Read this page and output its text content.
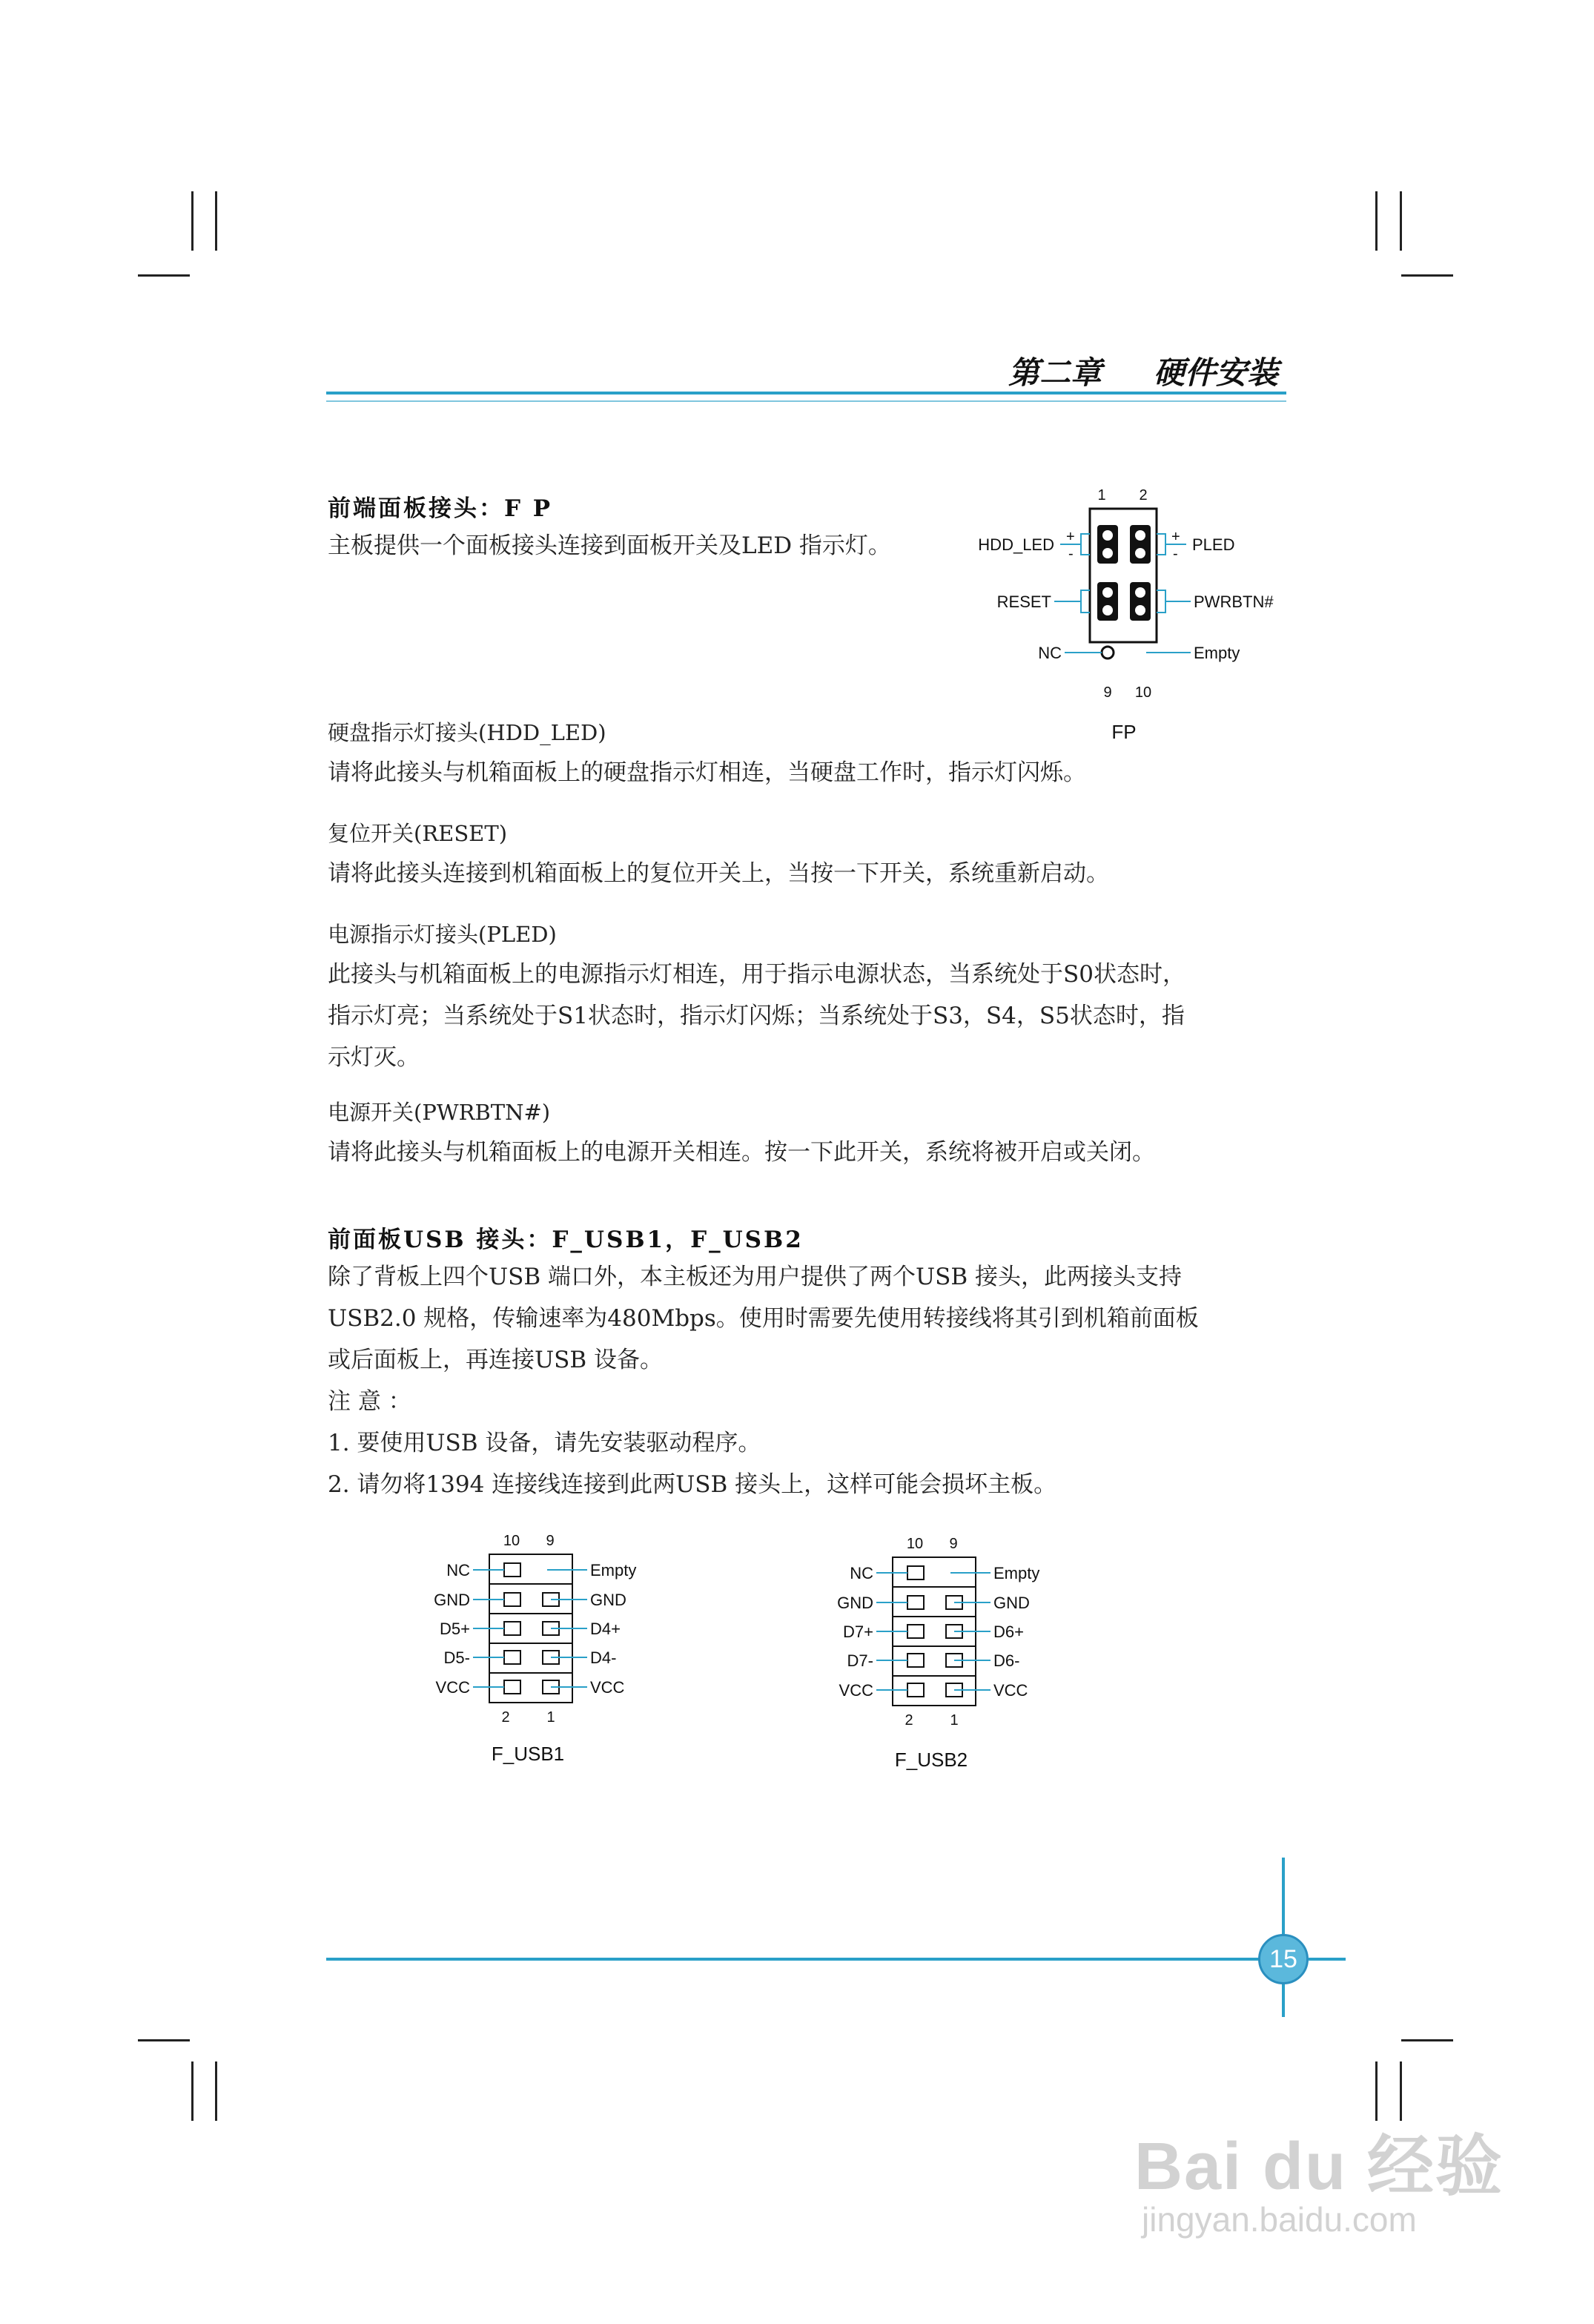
第二章 硬件安装
前端面板接头：F P
主板提供一个面板接头连接到面板开关及LED 指示灯。
硬盘指示灯接头(HDD_LED)
请将此接头与机箱面板上的硬盘指示灯相连，当硬盘工作时，指示灯闪烁。
复位开关(RESET)
请将此接头连接到机箱面板上的复位开关上，当按一下开关，系统重新启动。
电源指示灯接头(PLED)
此接头与机箱面板上的电源指示灯相连，用于指示电源状态，当系统处于S0状态时，
指示灯亮；当系统处于S1状态时，指示灯闪烁；当系统处于S3，S4，S5状态时，指
示灯灭。
电源开关(PWRBTN#)
请将此接头与机箱面板上的电源开关相连。按一下此开关，系统将被开启或关闭。
1 2
+
-
+
-
HDD_LED
RESET
NC
PLED
PWRBTN#
Empty
9 10
FP
前面板USB 接头：F_USB1，F_USB2
除了背板上四个USB 端口外，本主板还为用户提供了两个USB 接头，此两接头支持
USB2.0 规格，传输速率为480Mbps。使用时需要先使用转接线将其引到机箱前面板
或后面板上，再连接USB 设备。
注 意 ：
1. 要使用USB 设备，请先安装驱动程序。
2. 请勿将1394 连接线连接到此两USB 接头上，这样可能会损坏主板。
10 9
NC
GND
D5+
D5-
VCC
Empty
GND
D4+
D4-
VCC
2 1
F_USB1
10 9
NC
GND
D7+
D7-
VCC
Empty
GND
D6+
D6-
VCC
2 1
F_USB2
15
Bai du 经验
jingyan.baidu.com
